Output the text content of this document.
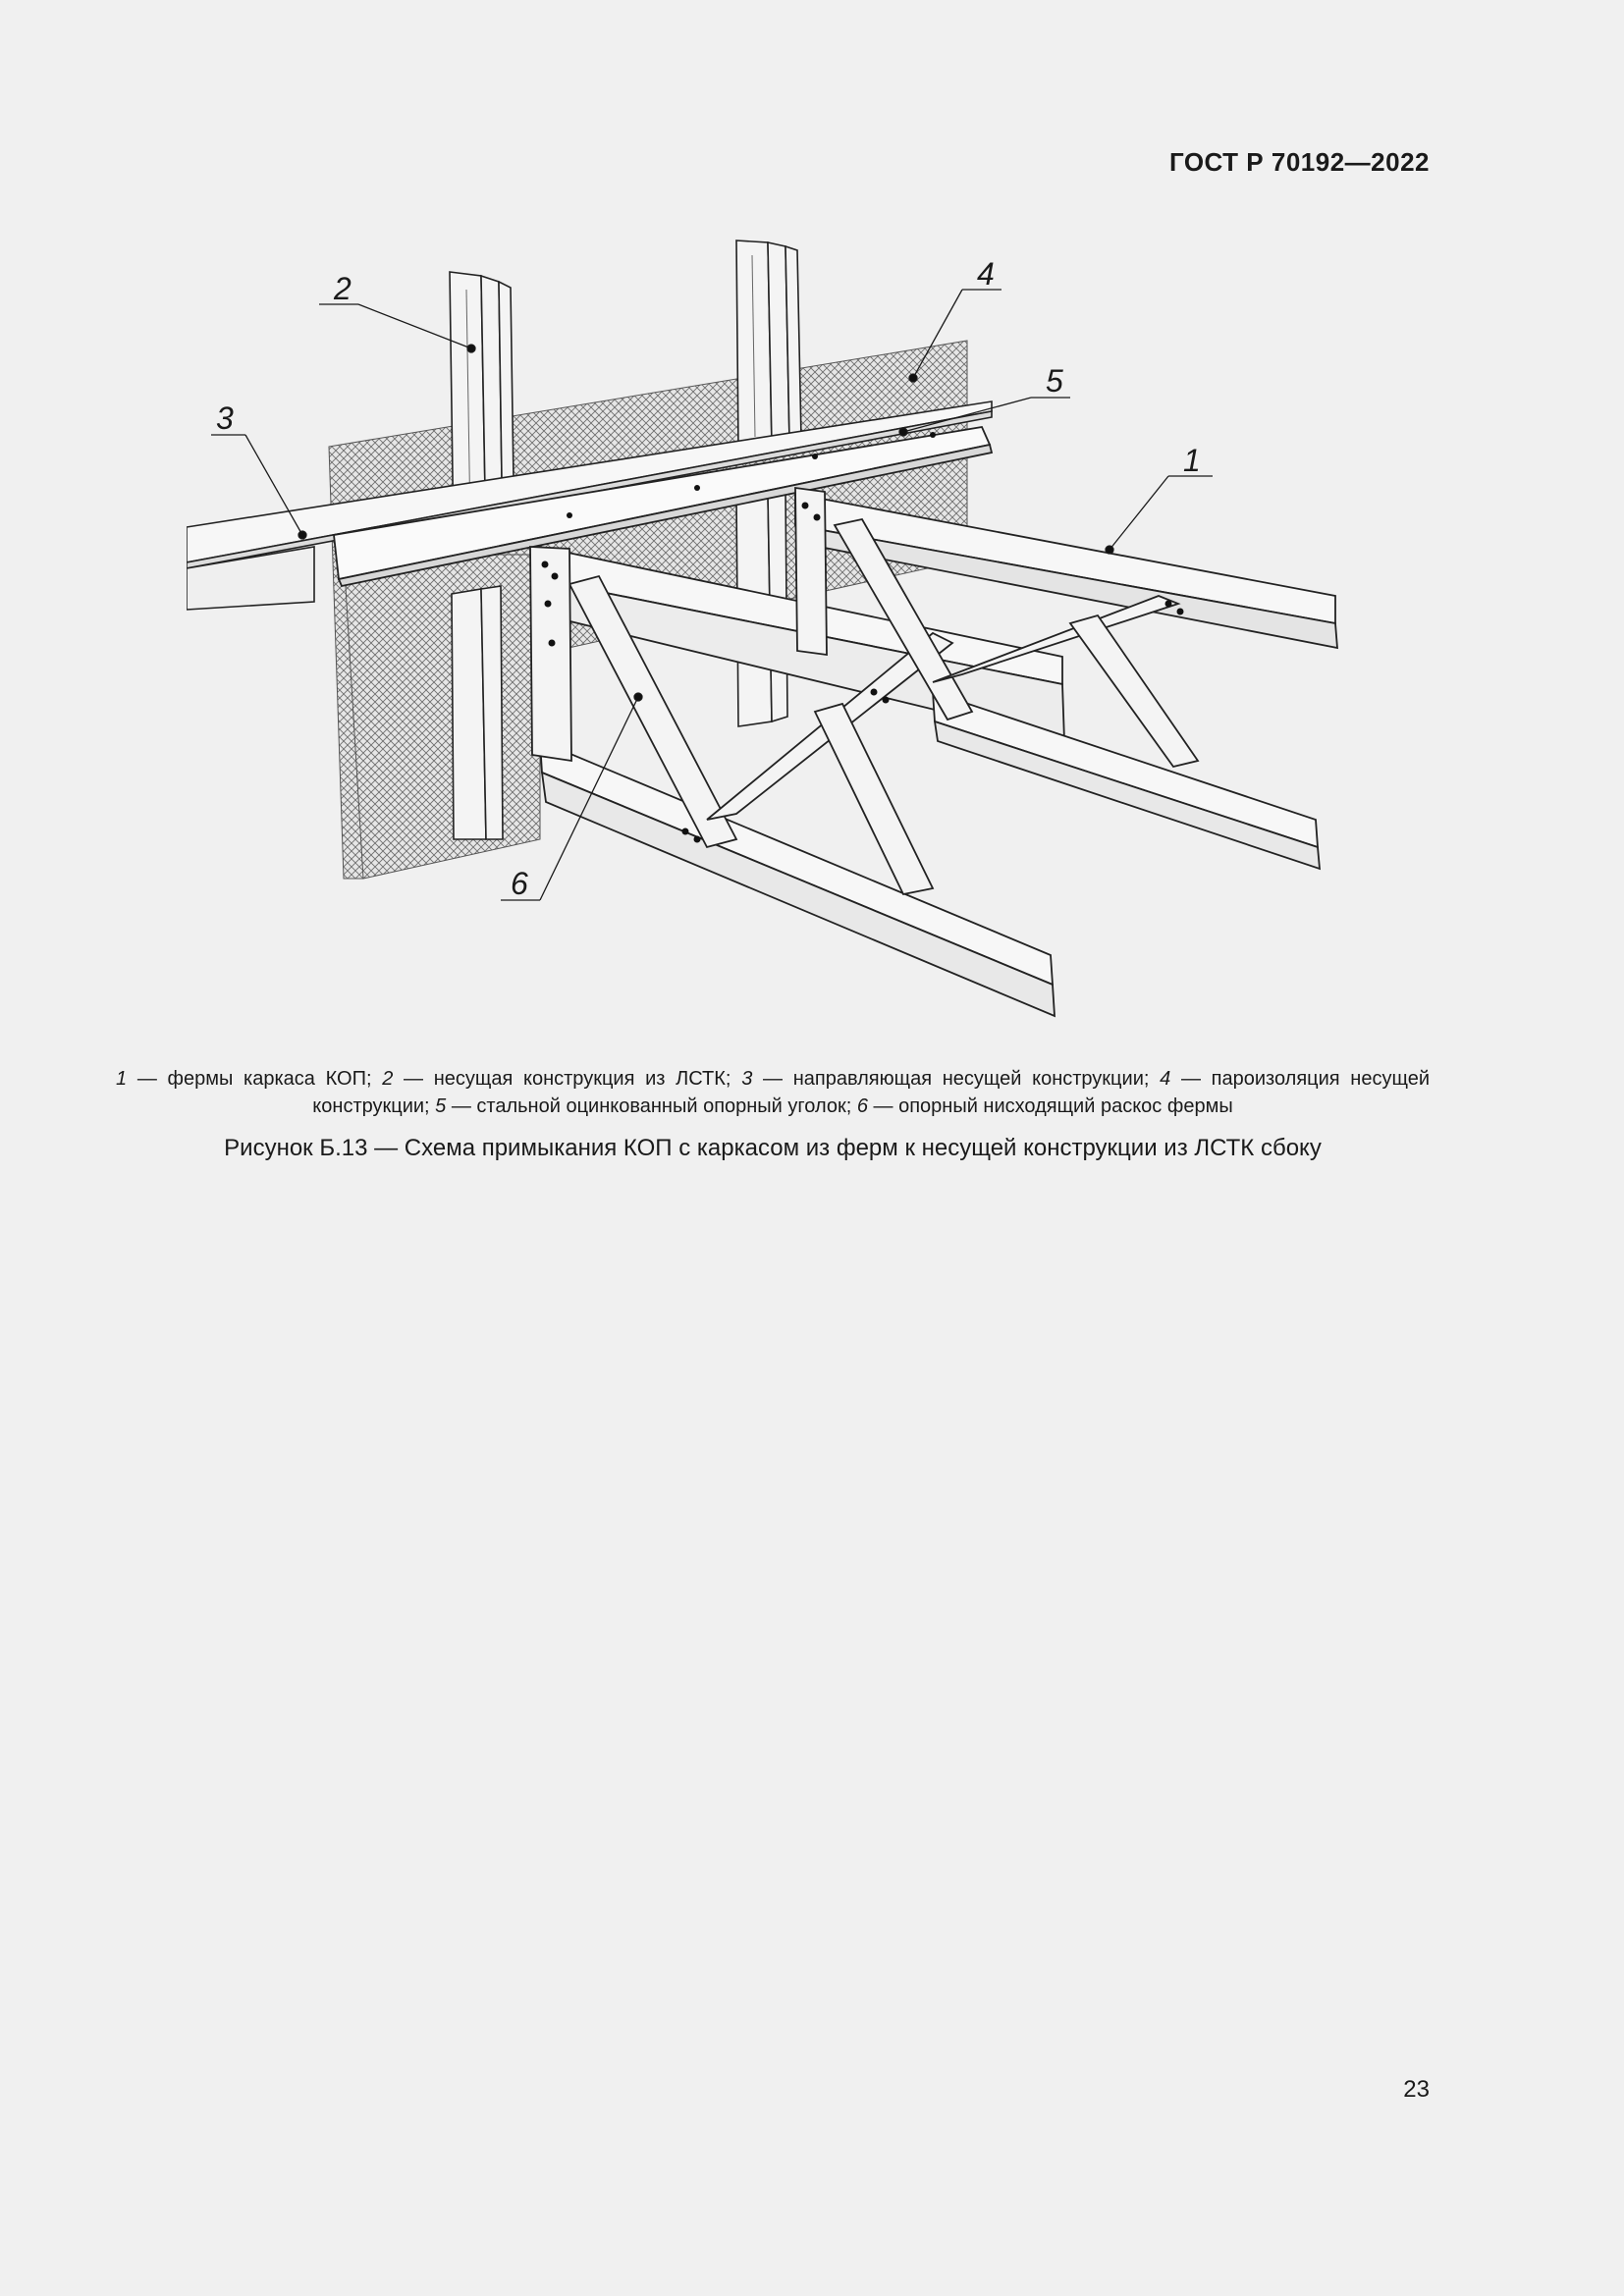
ГОСТ Р 70192—2022
1
2
3
4
5
6
1 — фермы каркаса КОП; 2 — несущая конструкция из ЛСТК; 3 — направляющая несущей конструкции; 4 — пароизоляция несущей конструкции; 5 — стальной оцинкованный опорный уголок; 6 — опорный нисходящий раскос фермы
Рисунок Б.13 — Схема примыкания КОП с каркасом из ферм к несущей конструкции из ЛСТК сбоку
23
